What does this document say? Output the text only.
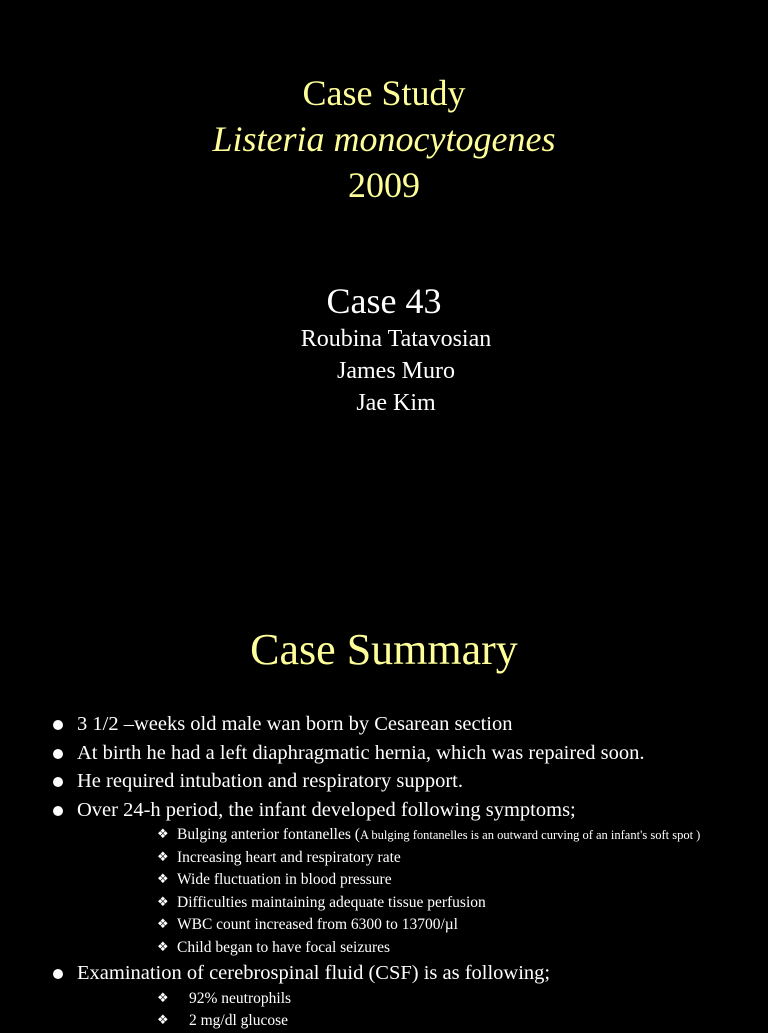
Case Study
Listeria monocytogenes
2009
Case 43
Roubina Tatavosian
James Muro
Jae Kim
Case Summary
3 1/2 –weeks old male wan born by Cesarean section
At birth he had a left diaphragmatic hernia, which was repaired soon.
He required intubation and respiratory support.
Over 24-h period, the infant developed following symptoms;
❖ Bulging anterior fontanelles (A bulging fontanelles is an outward curving of an infant's soft spot )
❖ Increasing heart and respiratory rate
❖ Wide fluctuation in blood pressure
❖ Difficulties maintaining adequate tissue perfusion
❖ WBC count increased from 6300 to 13700/µl
❖ Child began to have focal seizures
Examination of cerebrospinal fluid (CSF) is as following;
❖ 92% neutrophils
❖ 2 mg/dl glucose
